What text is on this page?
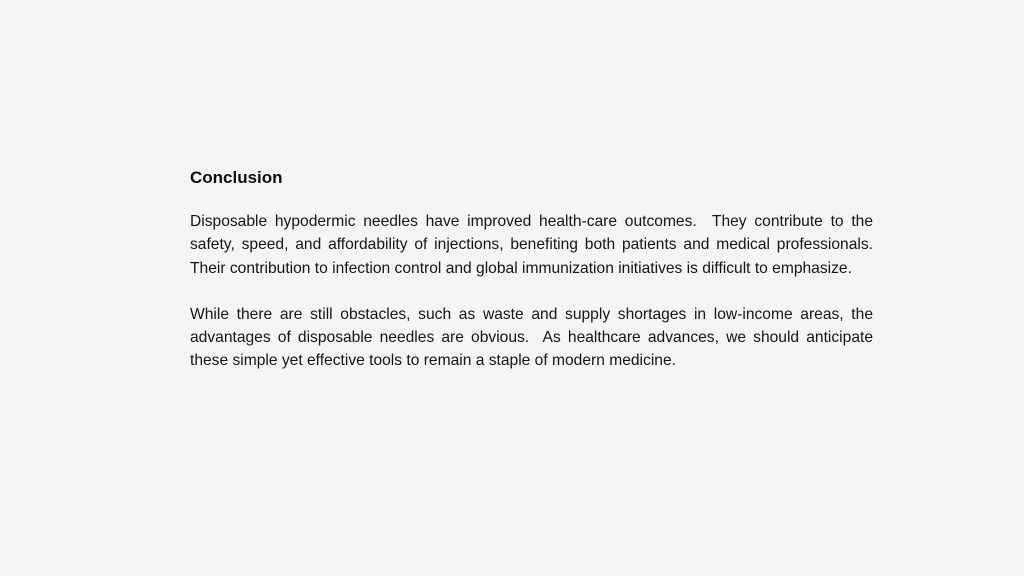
Conclusion

Disposable hypodermic needles have improved health-care outcomes.  They contribute to the safety, speed, and affordability of injections, benefiting both patients and medical professionals.  Their contribution to infection control and global immunization initiatives is difficult to emphasize.

While there are still obstacles, such as waste and supply shortages in low-income areas, the advantages of disposable needles are obvious.  As healthcare advances, we should anticipate these simple yet effective tools to remain a staple of modern medicine.
